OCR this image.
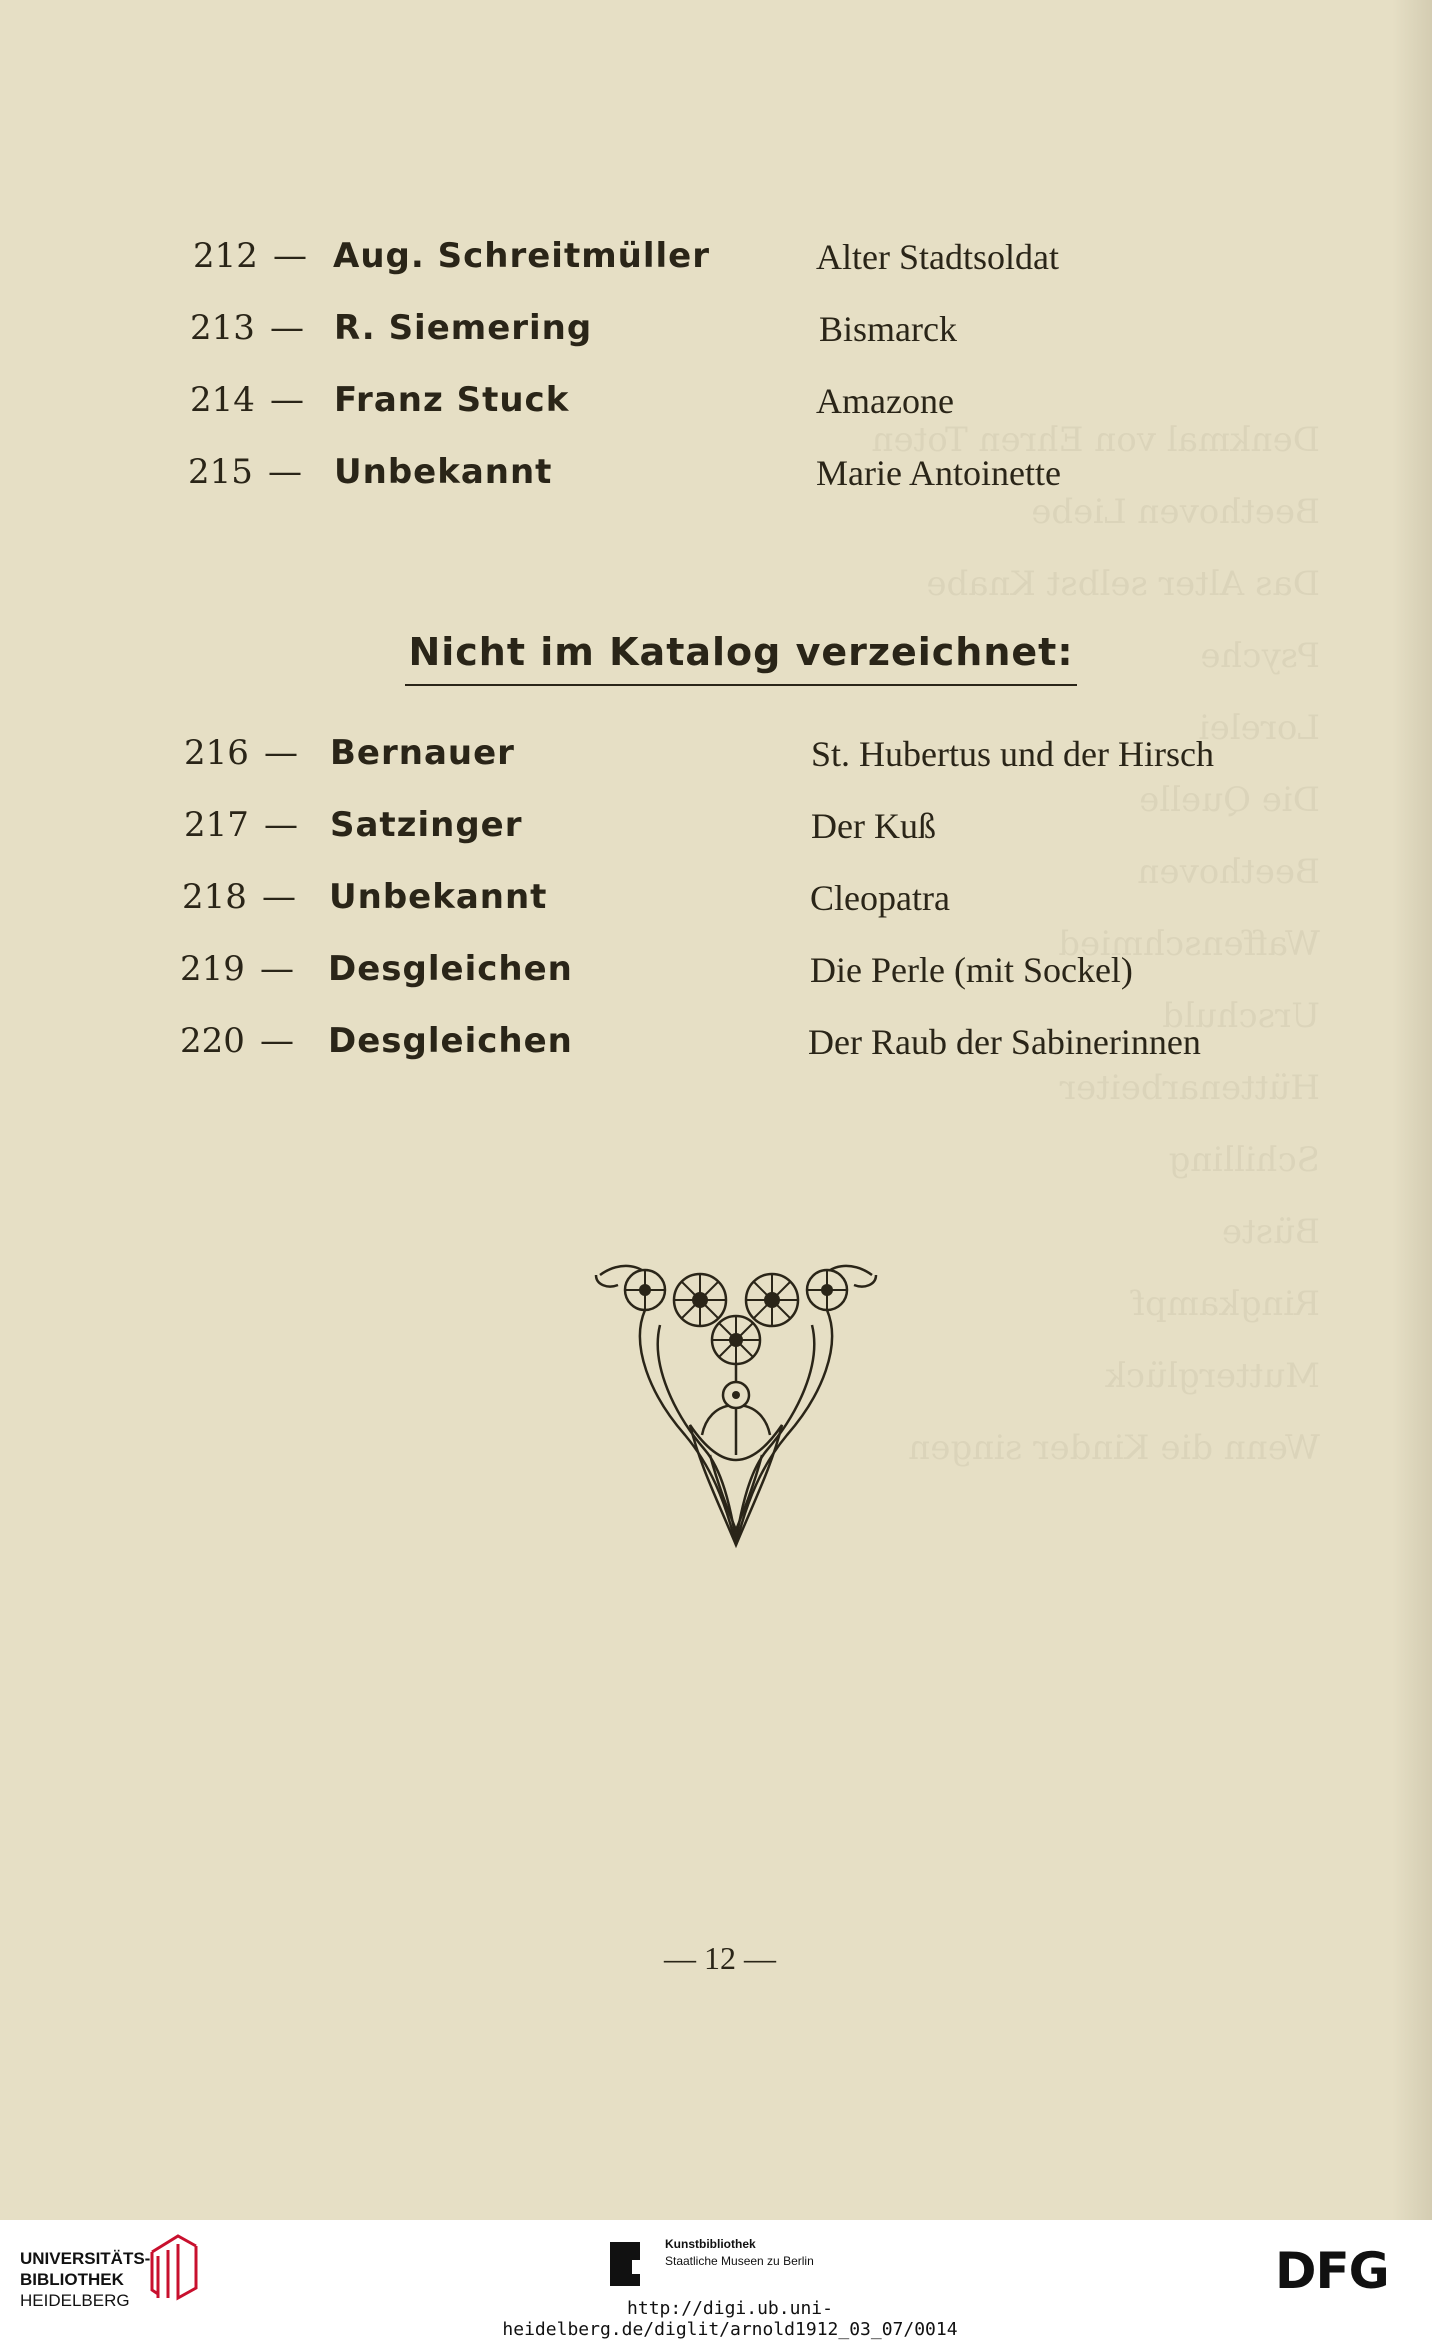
Denkmal von Ehren Toten
Beethoven Liebe
Das Alter selbst Knabe
Psyche
Lorelei
Die Quelle
Beethoven
Waffenschmied
Urschuld
Hüttenarbeiter
Schilling
Büste
Ringkampf
Mutterglück
Wenn die Kinder singen
212 — Aug. Schreitmüller	Alter Stadtsoldat
213 — R. Siemering	Bismarck
214 — Franz Stuck	Amazone
215 — Unbekannt	Marie Antoinette
Nicht im Katalog verzeichnet:
216 — Bernauer	St. Hubertus und der Hirsch
217 — Satzinger	Der Kuß
218 — Unbekannt	Cleopatra
219 — Desgleichen	Die Perle (mit Sockel)
220 — Desgleichen	Der Raub der Sabinerinnen
— 12 —
UNIVERSITÄTS-
BIBLIOTHEK
HEIDELBERG
Kunstbibliothek
Staatliche Museen zu Berlin	DFG
http://digi.ub.uni-heidelberg.de/diglit/arnold1912_03_07/0014
